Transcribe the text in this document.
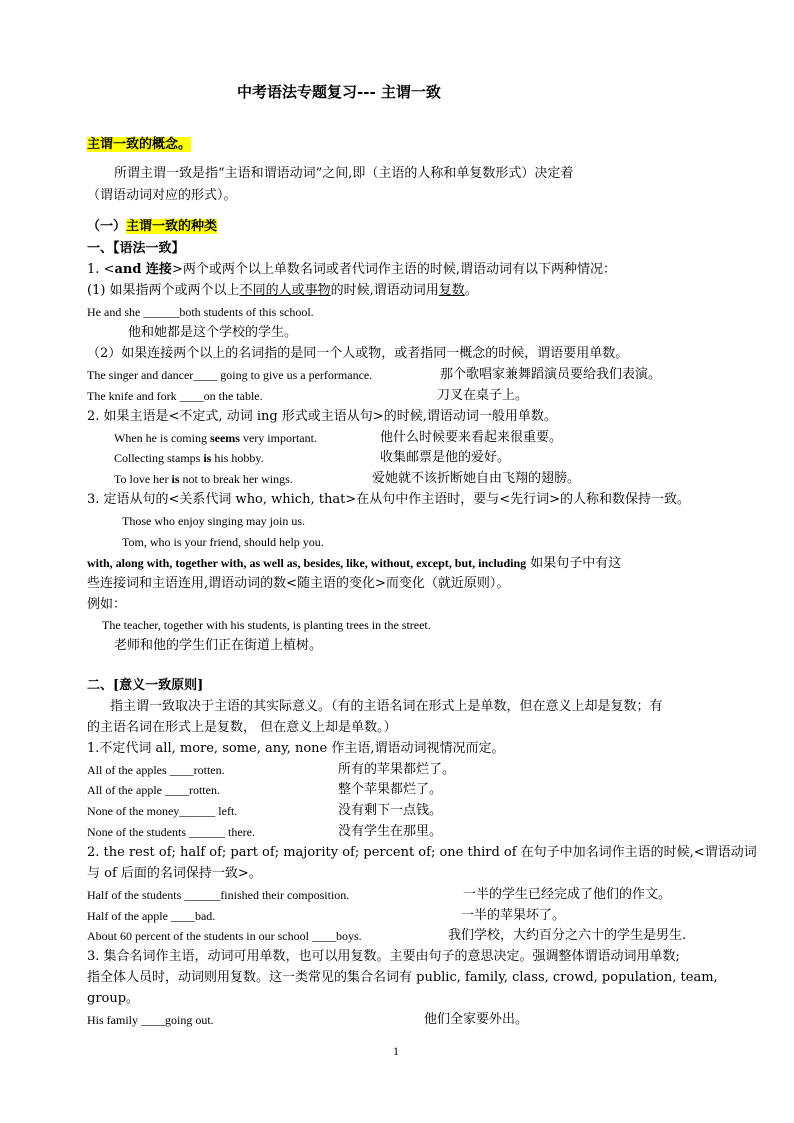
中考语法专题复习--- 主谓一致
主谓一致的概念。
所谓主谓一致是指“主语和谓语动词”之间,即（主语的人称和单复数形式）决定着
（谓语动词对应的形式）。
（一）主谓一致的种类
一、【语法一致】
1. <and 连接>两个或两个以上单数名词或者代词作主语的时候,谓语动词有以下两种情况：
(1) 如果指两个或两个以上不同的人或事物的时候,谓语动词用复数。
He and she ______both students of this school.
他和她都是这个学校的学生。
（2）如果连接两个以上的名词指的是同一个人或物，或者指同一概念的时候，谓语要用单数。
The singer and dancer____ going to give us a performance.	那个歌唱家兼舞蹈演员要给我们表演。
The knife and fork ____on the table.	刀叉在桌子上。
2. 如果主语是<不定式, 动词 ing 形式或主语从句>的时候,谓语动词一般用单数。
When he is coming seems very important.	他什么时候要来看起来很重要。
Collecting stamps is his hobby.	收集邮票是他的爱好。
To love her is not to break her wings.	爱她就不该折断她自由飞翔的翅膀。
3. 定语从句的<关系代词 who, which, that>在从句中作主语时，要与<先行词>的人称和数保持一致。
Those who enjoy singing may join us.
Tom, who is your friend, should help you.
with, along with, together with, as well as, besides, like, without, except, but, including 如果句子中有这
些连接词和主语连用,谓语动词的数<随主语的变化>而变化（就近原则）。
例如：
The teacher, together with his students, is planting trees in the street.
老师和他的学生们正在街道上植树。
二、[意义一致原则]
指主谓一致取决于主语的其实际意义。（有的主语名词在形式上是单数，但在意义上却是复数；有
的主语名词在形式上是复数， 但在意义上却是单数。）
1.不定代词 all, more, some, any, none 作主语,谓语动词视情况而定。
All of the apples ____rotten.	所有的苹果都烂了。
All of the apple ____rotten.	整个苹果都烂了。
None of the money______ left.	没有剩下一点钱。
None of the students ______ there.	没有学生在那里。
2. the rest of; half of; part of; majority of; percent of; one third of 在句子中加名词作主语的时候,<谓语动词
与 of 后面的名词保持一致>。
Half of the students ______finished their composition.	一半的学生已经完成了他们的作文。
Half of the apple ____bad.	一半的苹果坏了。
About 60 percent of the students in our school ____boys.	我们学校，大约百分之六十的学生是男生.
3. 集合名词作主语，动词可用单数，也可以用复数。主要由句子的意思决定。强调整体谓语动词用单数;
指全体人员时，动词则用复数。这一类常见的集合名词有 public, family, class, crowd, population, team,
group。
His family ____going out.	他们全家要外出。
1
